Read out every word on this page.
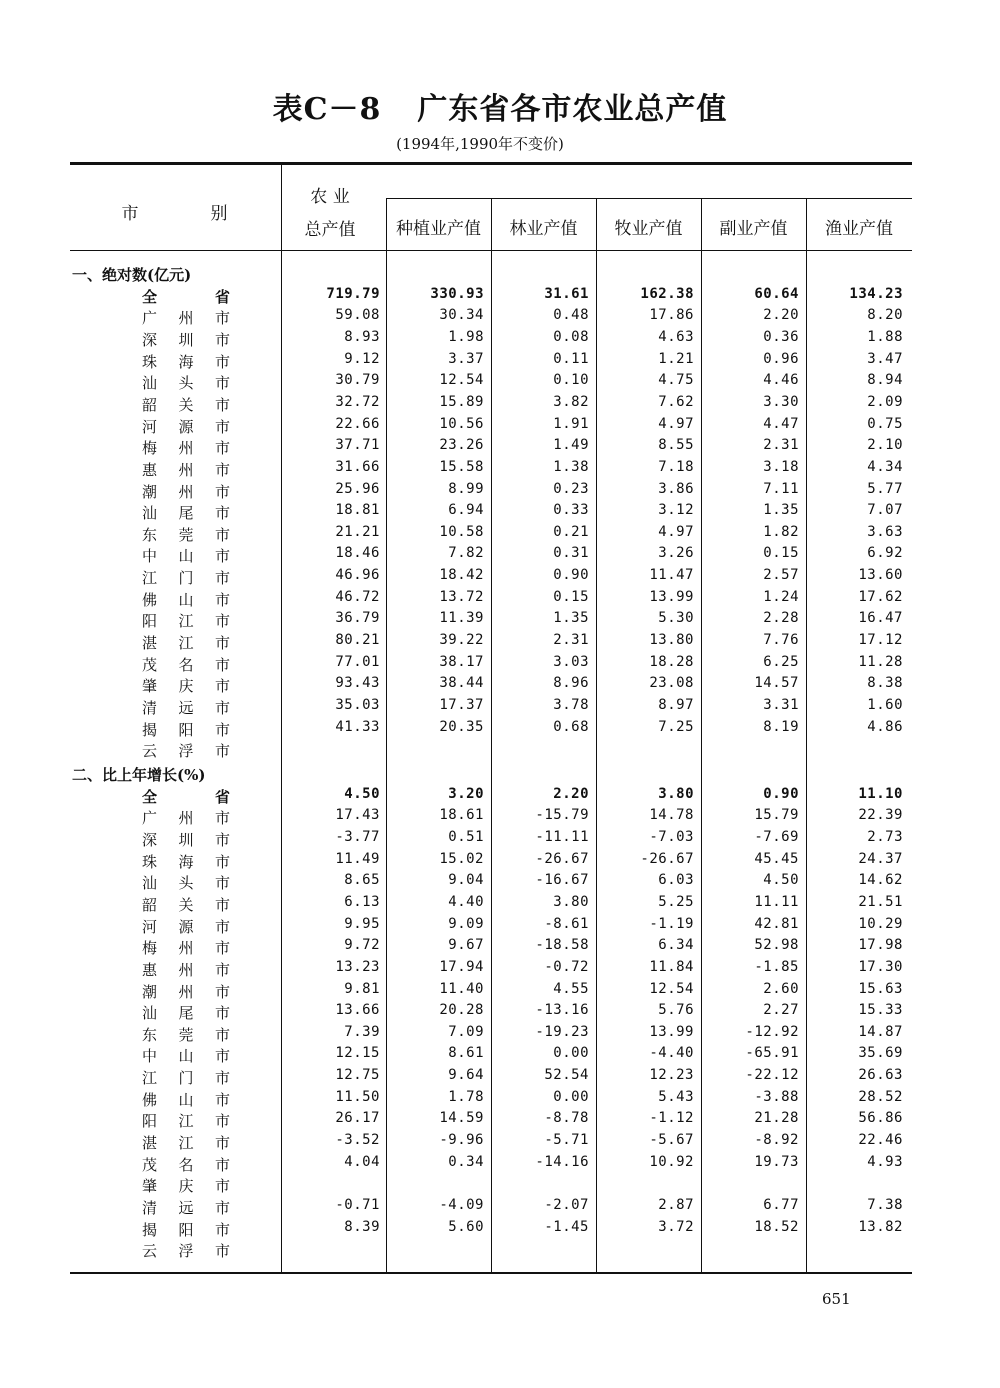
表C－8 广东省各市农业总产值
(1994年,1990年不变价)
市	别
农 业
总产值	种植业产值	林业产值	牧业产值	副业产值	渔业产值
一、绝对数(亿元)
全	省	719.79	330.93	31.61	162.38	60.64	134.23
广 州 市	59.08	30.34	0.48	17.86	2.20	8.20
深 圳 市	8.93	1.98	0.08	4.63	0.36	1.88
珠 海 市	9.12	3.37	0.11	1.21	0.96	3.47
汕 头 市	30.79	12.54	0.10	4.75	4.46	8.94
韶 关 市	32.72	15.89	3.82	7.62	3.30	2.09
河 源 市	22.66	10.56	1.91	4.97	4.47	0.75
梅 州 市	37.71	23.26	1.49	8.55	2.31	2.10
惠 州 市	31.66	15.58	1.38	7.18	3.18	4.34
潮 州 市	25.96	8.99	0.23	3.86	7.11	5.77
汕 尾 市	18.81	6.94	0.33	3.12	1.35	7.07
东 莞 市	21.21	10.58	0.21	4.97	1.82	3.63
中 山 市	18.46	7.82	0.31	3.26	0.15	6.92
江 门 市	46.96	18.42	0.90	11.47	2.57	13.60
佛 山 市	46.72	13.72	0.15	13.99	1.24	17.62
阳 江 市	36.79	11.39	1.35	5.30	2.28	16.47
湛 江 市	80.21	39.22	2.31	13.80	7.76	17.12
茂 名 市	77.01	38.17	3.03	18.28	6.25	11.28
肇 庆 市	93.43	38.44	8.96	23.08	14.57	8.38
清 远 市	35.03	17.37	3.78	8.97	3.31	1.60
揭 阳 市	41.33	20.35	0.68	7.25	8.19	4.86
云 浮 市
二、比上年增长(%)
全	省	4.50	3.20	2.20	3.80	0.90	11.10
广 州 市	17.43	18.61	-15.79	14.78	15.79	22.39
深 圳 市	-3.77	0.51	-11.11	-7.03	-7.69	2.73
珠 海 市	11.49	15.02	-26.67	-26.67	45.45	24.37
汕 头 市	8.65	9.04	-16.67	6.03	4.50	14.62
韶 关 市	6.13	4.40	3.80	5.25	11.11	21.51
河 源 市	9.95	9.09	-8.61	-1.19	42.81	10.29
梅 州 市	9.72	9.67	-18.58	6.34	52.98	17.98
惠 州 市	13.23	17.94	-0.72	11.84	-1.85	17.30
潮 州 市	9.81	11.40	4.55	12.54	2.60	15.63
汕 尾 市	13.66	20.28	-13.16	5.76	2.27	15.33
东 莞 市	7.39	7.09	-19.23	13.99	-12.92	14.87
中 山 市	12.15	8.61	0.00	-4.40	-65.91	35.69
江 门 市	12.75	9.64	52.54	12.23	-22.12	26.63
佛 山 市	11.50	1.78	0.00	5.43	-3.88	28.52
阳 江 市	26.17	14.59	-8.78	-1.12	21.28	56.86
湛 江 市	-3.52	-9.96	-5.71	-5.67	-8.92	22.46
茂 名 市	4.04	0.34	-14.16	10.92	19.73	4.93
肇 庆 市
清 远 市	-0.71	-4.09	-2.07	2.87	6.77	7.38
揭 阳 市	8.39	5.60	-1.45	3.72	18.52	13.82
云 浮 市
651
